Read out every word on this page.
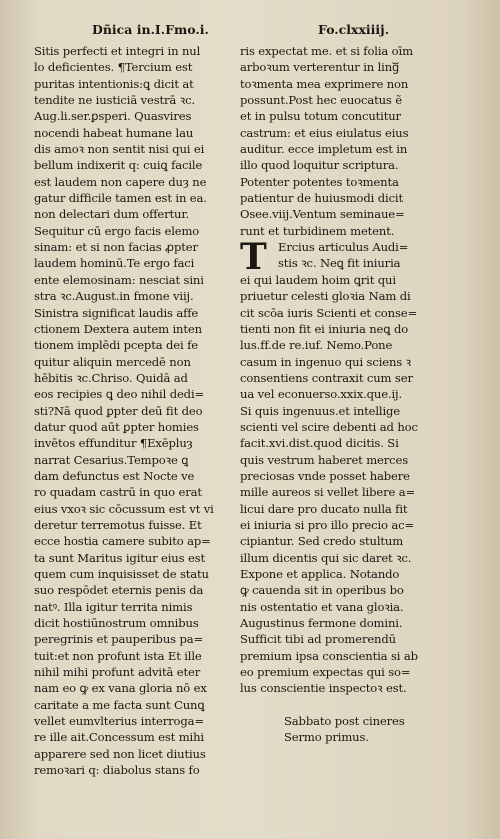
Dñica in.I.Fmo.i.	Fo.clxxiiij.
Sitis perfecti et integri in nul
lo deficientes. ¶Tercium est
puritas intentionis:ꝗ dicit at
tendite ne iusticiā vestrā ꝛc.
Aug.li.ser.ꝑsperi. Quasvires
nocendi habeat humane lau
dis amoꝛ non sentit nisi qui ei
bellum indixerit q: cuiꝗ facile
est laudem non capere duȝ ne
gatur difficile tamen est in ea.
non delectari dum offertur.
Sequitur cū ergo facis elemo
sinam: et si non facias ꝓpter
laudem hominū.Te ergo faci
ente elemosinam: nesciat sini
stra ꝛc.August.in fmone viij.
Sinistra significat laudis affe
ctionem Dextera autem inten
tionem implēdi pcepta dei fe
quitur aliquin mercedē non
hēbitis ꝛc.Chriso. Quidā ad
eos recipies ꝗ deo nihil dedi=
sti?Nā quod ꝑpter deū fit deo
datur quod aūt ꝑpter homies
invētos effunditur ¶Exēpluȝ
narrat Cesarius.Tempoꝛe ꝗ
dam defunctus est Nocte ve
ro quadam castrū in quo erat
eius vxoꝛ sic cōcussum est vt vi
deretur terremotus fuisse. Et
ecce hostia camere subito ap=
ta sunt Maritus igitur eius est
quem cum inquisisset de statu
suo respōdet eternis penis da
natꝰ. Illa igitur territa nimis
dicit hostiūnostrum omnibus
peregrinis et pauperibus pa=
tuit:et non profunt ista Et ille
nihil mihi profunt advitā eter
nam eo ꝙ ex vana gloria nō ex
caritate a me facta sunt Cunꝗ
vellet eumvlterius interroga=
re ille ait.Concessum est mihi
apparere sed non licet diutius
remoꝛari q: diabolus stans fo
ris expectat me. et si folia oīm
arboꝛum verterentur in lingᷓ
toꝛmenta mea exprimere non
possunt.Post hec euocatus ẽ
et in pulsu totum concutitur
castrum: et eius eiulatus eius
auditur. ecce impletum est in
illo quod loquitur scriptura.
Potenter potentes toꝛmenta
patientur de huiusmodi dicit
Osee.viij.Ventum seminaue=
runt et turbidinem metent.
T Ercius articulus Audi=
stis ꝛc. Neꝗ fit iniuria
ei qui laudem hoim ꝗrit qui
priuetur celesti gloꝛia Nam di
cit scōa iuris Scienti et conse=
tienti non fit ei iniuria neꝗ do
lus.ff.de re.iuf. Nemo.Pone
casum in ingenuo qui sciens ꝛ
consentiens contraxit cum ser
ua vel econuerso.xxix.que.ij.
Si quis ingenuus.et intellige
scienti vel scire debenti ad hoc
facit.xvi.dist.quod dicitis. Si
quis vestrum haberet merces
preciosas vnde posset habere
mille aureos si vellet libere a=
licui dare pro ducato nulla fit
ei iniuria si pro illo precio ac=
cipiantur. Sed credo stultum
illum dicentis qui sic daret ꝛc.
Expone et applica. Notando
ꝙ cauenda sit in operibus bo
nis ostentatio et vana gloꝛia.
Augustinus fermone domini.
Sufficit tibi ad promerendū
premium ipsa conscientia si ab
eo premium expectas qui so=
lus conscientie inspectoꝛ est.
Sabbato post cineres
Sermo primus.
